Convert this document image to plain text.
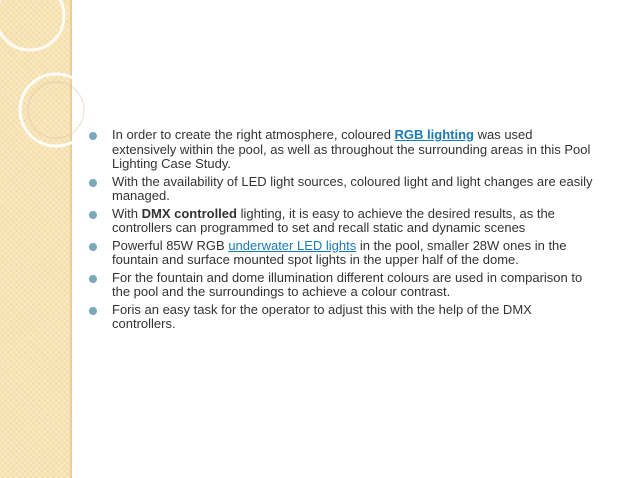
In order to create the right atmosphere, coloured RGB lighting was used extensively within the pool, as well as throughout the surrounding areas in this Pool Lighting Case Study.
With the availability of LED light sources, coloured light and light changes are easily managed.
With DMX controlled lighting, it is easy to achieve the desired results, as the controllers can programmed to set and recall static and dynamic scenes
Powerful 85W RGB underwater LED lights in the pool, smaller 28W ones in the fountain and surface mounted spot lights in the upper half of the dome.
For the fountain and dome illumination different colours are used in comparison to the pool and the surroundings to achieve a colour contrast.
Foris an easy task for the operator to adjust this with the help of the DMX controllers.
